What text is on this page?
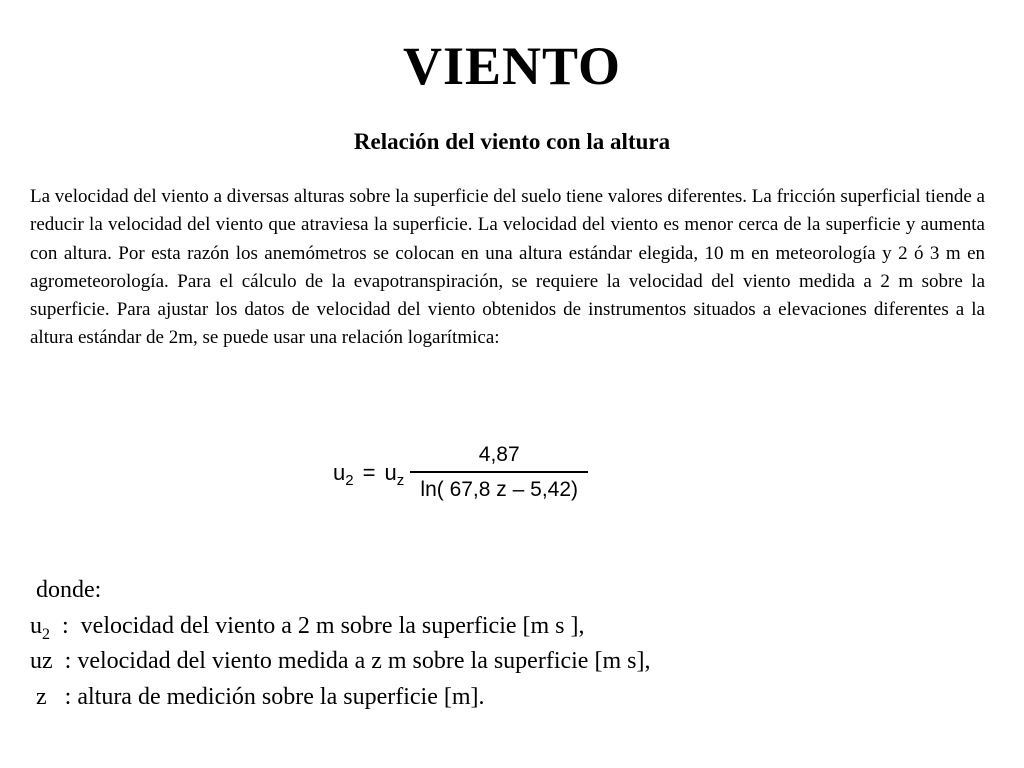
VIENTO
Relación del viento con la altura

La velocidad del viento a diversas alturas sobre la superficie del suelo tiene valores diferentes. La fricción superficial tiende a reducir la velocidad del viento que atraviesa la superficie. La velocidad del viento es menor cerca de la superficie y aumenta con altura. Por esta razón los anemómetros se colocan en una altura estándar elegida, 10 m en meteorología y 2 ó 3 m en agrometeorología. Para el cálculo de la evapotranspiración, se requiere la velocidad del viento medida a 2 m sobre la superficie. Para ajustar los datos de velocidad del viento obtenidos de instrumentos situados a elevaciones diferentes a la altura estándar de 2m, se puede usar una relación logarítmica:

$u_2 = u_z \frac{4,87}{\ln( 67,8 z - 5,42)}$
donde:
$u_2$  :  velocidad del viento a 2 m sobre la superficie [m s ],
uz  : velocidad del viento medida a z m sobre la superficie [m s],
z   : altura de medición sobre la superficie [m].
